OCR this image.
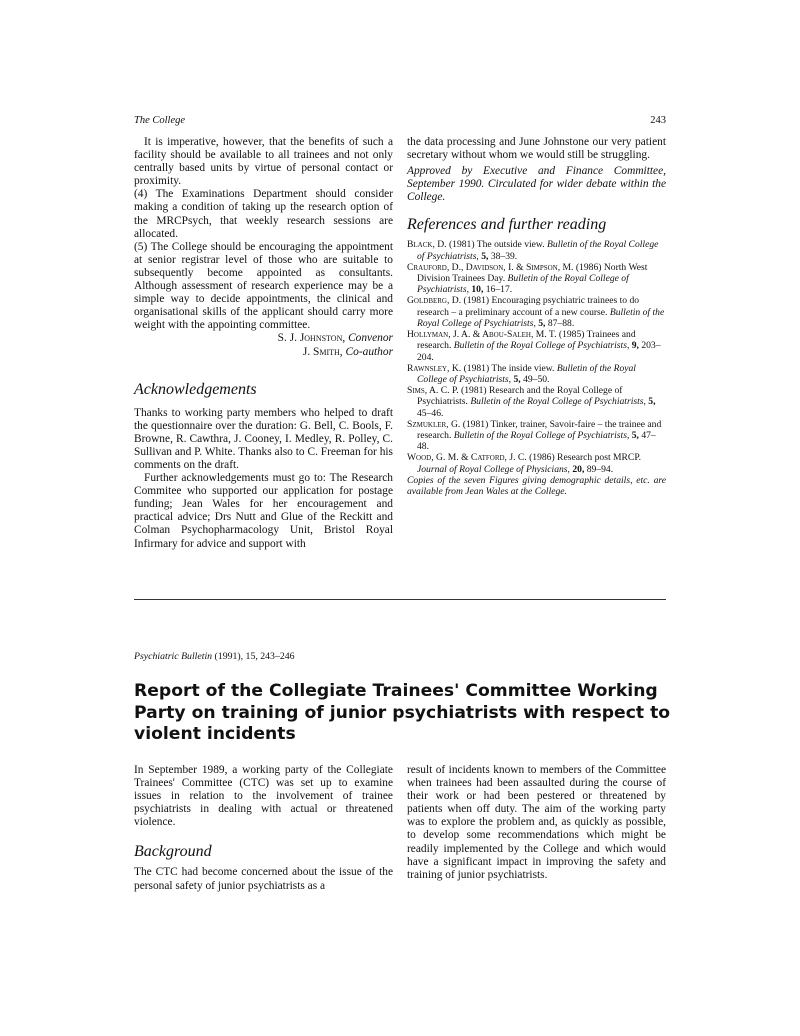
The College	243

It is imperative, however, that the benefits of such a facility should be available to all trainees and not only centrally based units by virtue of personal contact or proximity.

(4) The Examinations Department should consider making a condition of taking up the research option of the MRCPsych, that weekly research sessions are allocated.

(5) The College should be encouraging the appointment at senior registrar level of those who are suitable to subsequently become appointed as consultants. Although assessment of research experience may be a simple way to decide appointments, the clinical and organisational skills of the applicant should carry more weight with the appointing committee.

S. J. Johnston, Convenor

J. Smith, Co-author

Acknowledgements

Thanks to working party members who helped to draft the questionnaire over the duration: G. Bell, C. Bools, F. Browne, R. Cawthra, J. Cooney, I. Medley, R. Polley, C. Sullivan and P. White. Thanks also to C. Freeman for his comments on the draft.

Further acknowledgements must go to: The Research Commitee who supported our application for postage funding; Jean Wales for her encouragement and practical advice; Drs Nutt and Glue of the Reckitt and Colman Psychopharmacology Unit, Bristol Royal Infirmary for advice and support with

the data processing and June Johnstone our very patient secretary without whom we would still be struggling.

Approved by Executive and Finance Committee, September 1990. Circulated for wider debate within the College.

References and further reading

Black, D. (1981) The outside view. Bulletin of the Royal College of Psychiatrists, 5, 38–39.

Crauford, D., Davidson, I. & Simpson, M. (1986) North West Division Trainees Day. Bulletin of the Royal College of Psychiatrists, 10, 16–17.

Goldberg, D. (1981) Encouraging psychiatric trainees to do research – a preliminary account of a new course. Bulletin of the Royal College of Psychiatrists, 5, 87–88.

Hollyman, J. A. & Abou-Saleh, M. T. (1985) Trainees and research. Bulletin of the Royal College of Psychiatrists, 9, 203–204.

Rawnsley, K. (1981) The inside view. Bulletin of the Royal College of Psychiatrists, 5, 49–50.

Sims, A. C. P. (1981) Research and the Royal College of Psychiatrists. Bulletin of the Royal College of Psychiatrists, 5, 45–46.

Szmukler, G. (1981) Tinker, trainer, Savoir-faire – the trainee and research. Bulletin of the Royal College of Psychiatrists, 5, 47–48.

Wood, G. M. & Catford, J. C. (1986) Research post MRCP. Journal of Royal College of Physicians, 20, 89–94.

Copies of the seven Figures giving demographic details, etc. are available from Jean Wales at the College.

Psychiatric Bulletin (1991), 15, 243–246
Report of the Collegiate Trainees' Committee Working Party on training of junior psychiatrists with respect to violent incidents

In September 1989, a working party of the Collegiate Trainees' Committee (CTC) was set up to examine issues in relation to the involvement of trainee psychiatrists in dealing with actual or threatened violence.

Background

The CTC had become concerned about the issue of the personal safety of junior psychiatrists as a

result of incidents known to members of the Committee when trainees had been assaulted during the course of their work or had been pestered or threatened by patients when off duty. The aim of the working party was to explore the problem and, as quickly as possible, to develop some recommendations which might be readily implemented by the College and which would have a significant impact in improving the safety and training of junior psychiatrists.
